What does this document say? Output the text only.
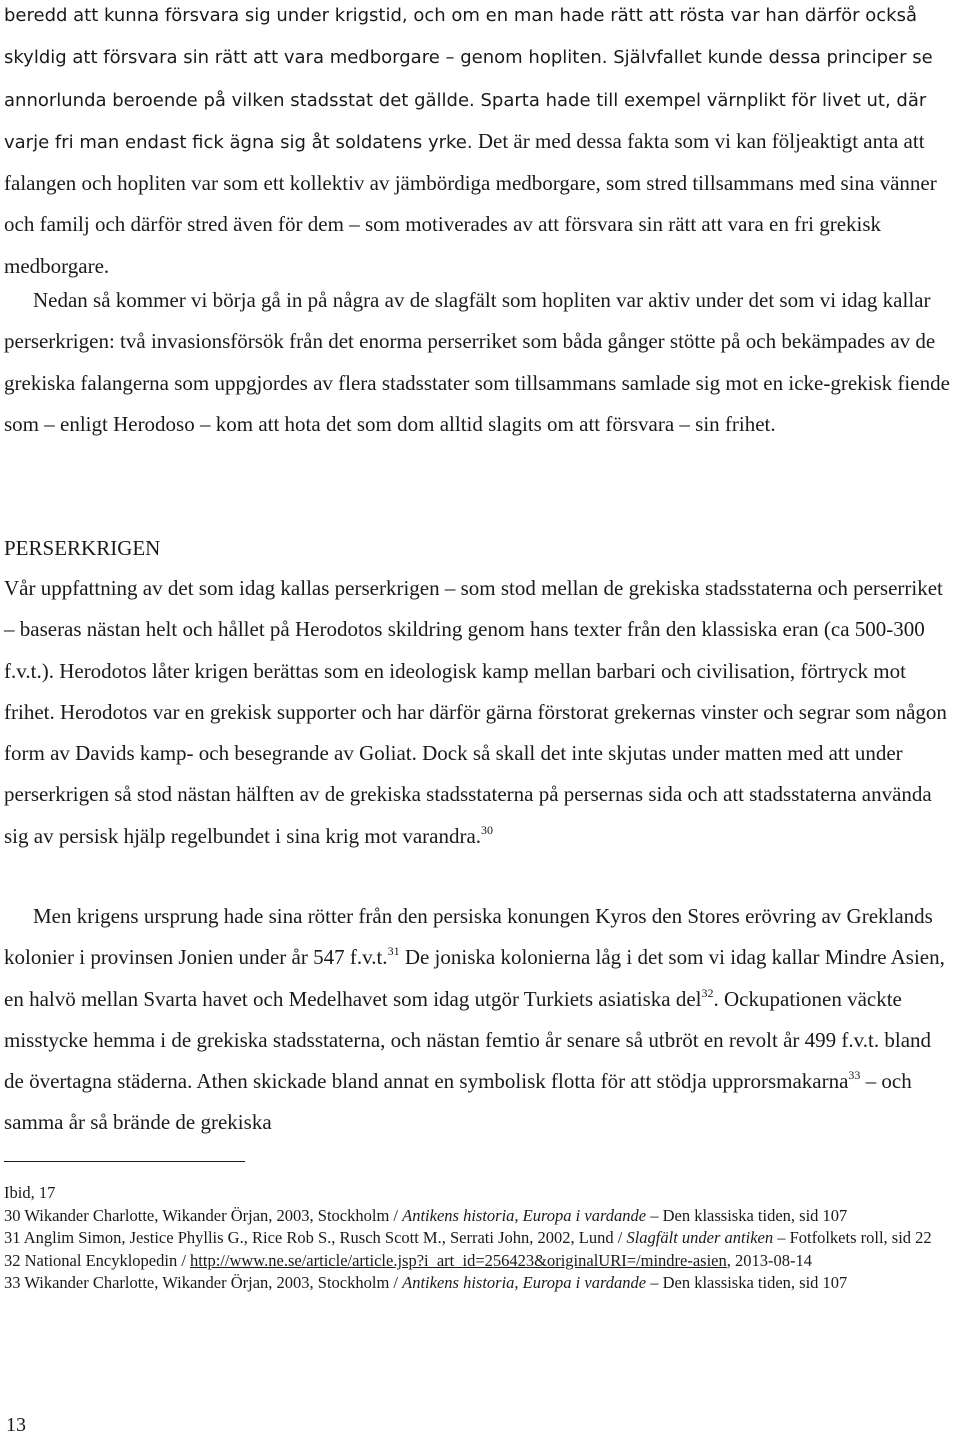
beredd att kunna försvara sig under krigstid, och om en man hade rätt att rösta var han därför också skyldig att försvara sin rätt att vara medborgare – genom hopliten. Självfallet kunde dessa principer se annorlunda beroende på vilken stadsstat det gällde. Sparta hade till exempel värnplikt för livet ut, där varje fri man endast fick ägna sig åt soldatens yrke. Det är med dessa fakta som vi kan följeaktigt anta att falangen och hopliten var som ett kollektiv av jämbördiga medborgare, som stred tillsammans med sina vänner och familj och därför stred även för dem – som motiverades av att försvara sin rätt att vara en fri grekisk medborgare.

Nedan så kommer vi börja gå in på några av de slagfält som hopliten var aktiv under det som vi idag kallar perserkrigen: två invasionsförsök från det enorma perserriket som båda gånger stötte på och bekämpades av de grekiska falangerna som uppgjordes av flera stadsstater som tillsammans samlade sig mot en icke-grekisk fiende som – enligt Herodoso – kom att hota det som dom alltid slagits om att försvara – sin frihet.

PERSERKRIGEN

Vår uppfattning av det som idag kallas perserkrigen – som stod mellan de grekiska stadsstaterna och perserriket – baseras nästan helt och hållet på Herodotos skildring genom hans texter från den klassiska eran (ca 500-300 f.v.t.). Herodotos låter krigen berättas som en ideologisk kamp mellan barbari och civilisation, förtryck mot frihet. Herodotos var en grekisk supporter och har därför gärna förstorat grekernas vinster och segrar som någon form av Davids kamp- och besegrande av Goliat. Dock så skall det inte skjutas under matten med att under perserkrigen så stod nästan hälften av de grekiska stadsstaterna på persernas sida och att stadsstaterna använda sig av persisk hjälp regelbundet i sina krig mot varandra.$^{30}$

Men krigens ursprung hade sina rötter från den persiska konungen Kyros den Stores erövring av Greklands kolonier i provinsen Jonien under år 547 f.v.t.$^{31}$ De joniska kolonierna låg i det som vi idag kallar Mindre Asien, en halvö mellan Svarta havet och Medelhavet som idag utgör Turkiets asiatiska del$^{32}$. Ockupationen väckte misstycke hemma i de grekiska stadsstaterna, och nästan femtio år senare så utbröt en revolt år 499 f.v.t. bland de övertagna städerna. Athen skickade bland annat en symbolisk flotta för att stödja upprorsmakarna$^{33}$ – och samma år så brände de grekiska

Ibid, 17

30 Wikander Charlotte, Wikander Örjan, 2003, Stockholm / Antikens historia, Europa i vardande – Den klassiska tiden, sid 107

31 Anglim Simon, Jestice Phyllis G., Rice Rob S., Rusch Scott M., Serrati John, 2002, Lund / Slagfält under antiken – Fotfolkets roll, sid 22

32 National Encyklopedin / http://www.ne.se/article/article.jsp?i_art_id=256423&originalURI=/mindre-asien, 2013-08-14

33 Wikander Charlotte, Wikander Örjan, 2003, Stockholm / Antikens historia, Europa i vardande – Den klassiska tiden, sid 107

13
